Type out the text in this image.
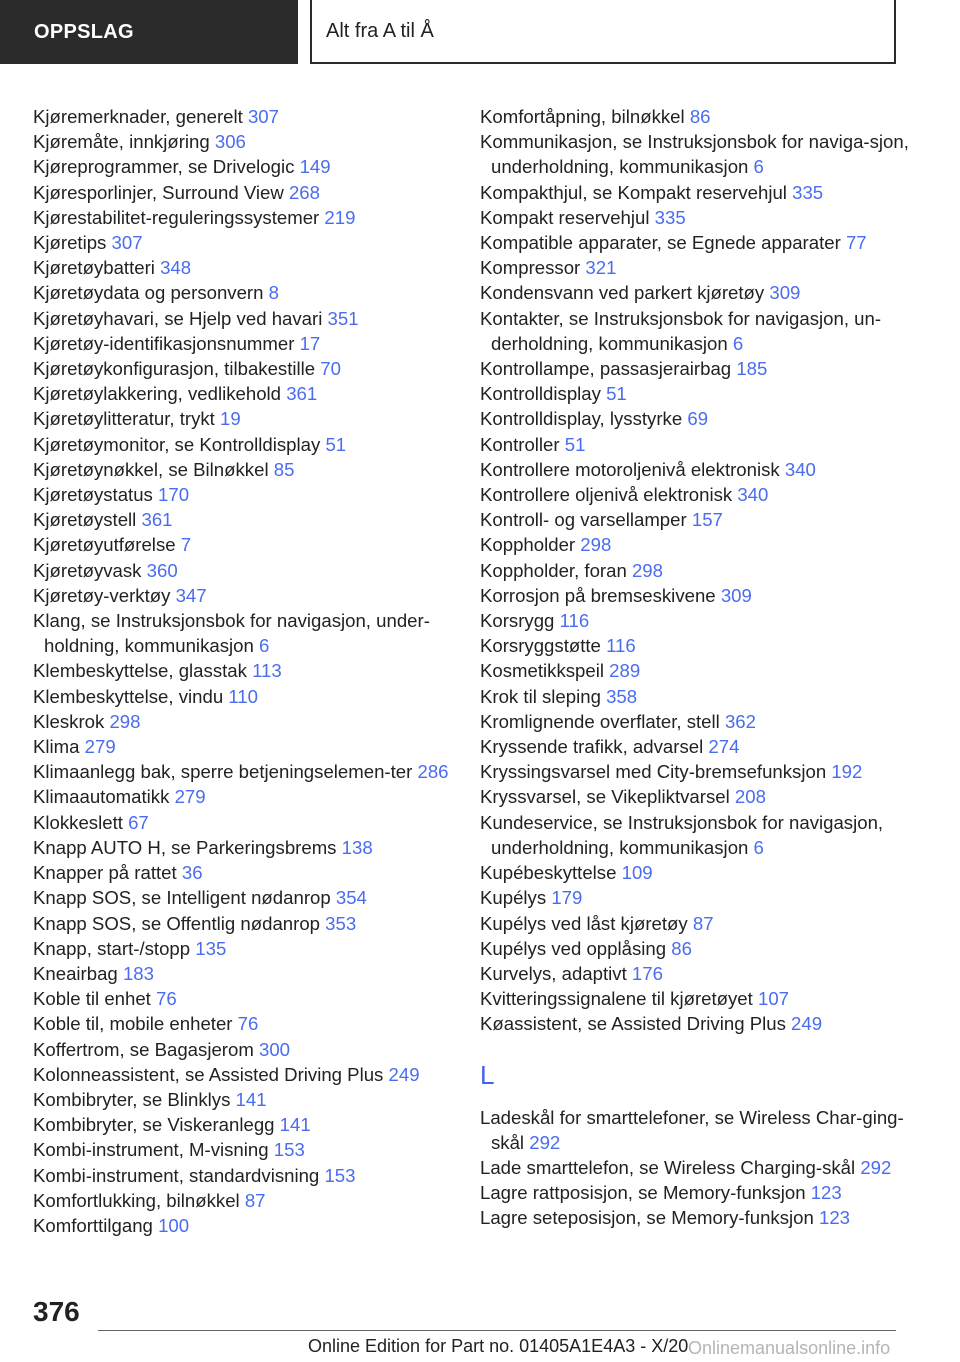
OPPSLAG	Alt fra A til Å
Kjøremerknader, generelt 307
Kjøremåte, innkjøring 306
Kjøreprogrammer, se Drivelogic 149
Kjøresporlinjer, Surround View 268
Kjørestabilitet-reguleringssystemer 219
Kjøretips 307
Kjøretøybatteri 348
Kjøretøydata og personvern 8
Kjøretøyhavari, se Hjelp ved havari 351
Kjøretøy-identifikasjonsnummer 17
Kjøretøykonfigurasjon, tilbakestille 70
Kjøretøylakkering, vedlikehold 361
Kjøretøylitteratur, trykt 19
Kjøretøymonitor, se Kontrolldisplay 51
Kjøretøynøkkel, se Bilnøkkel 85
Kjøretøystatus 170
Kjøretøystell 361
Kjøretøyutførelse 7
Kjøretøyvask 360
Kjøretøy-verktøy 347
Klang, se Instruksjonsbok for navigasjon, under-holdning, kommunikasjon 6
Klembeskyttelse, glasstak 113
Klembeskyttelse, vindu 110
Kleskrok 298
Klima 279
Klimaanlegg bak, sperre betjeningselemen-ter 286
Klimaautomatikk 279
Klokkeslett 67
Knapp AUTO H, se Parkeringsbrems 138
Knapper på rattet 36
Knapp SOS, se Intelligent nødanrop 354
Knapp SOS, se Offentlig nødanrop 353
Knapp, start-/stopp 135
Kneairbag 183
Koble til enhet 76
Koble til, mobile enheter 76
Koffertrom, se Bagasjerom 300
Kolonneassistent, se Assisted Driving Plus 249
Kombibryter, se Blinklys 141
Kombibryter, se Viskeranlegg 141
Kombi-instrument, M-visning 153
Kombi-instrument, standardvisning 153
Komfortlukking, bilnøkkel 87
Komforttilgang 100
Komfortåpning, bilnøkkel 86
Kommunikasjon, se Instruksjonsbok for naviga-sjon, underholdning, kommunikasjon 6
Kompakthjul, se Kompakt reservehjul 335
Kompakt reservehjul 335
Kompatible apparater, se Egnede apparater 77
Kompressor 321
Kondensvann ved parkert kjøretøy 309
Kontakter, se Instruksjonsbok for navigasjon, un-derholdning, kommunikasjon 6
Kontrollampe, passasjerairbag 185
Kontrolldisplay 51
Kontrolldisplay, lysstyrke 69
Kontroller 51
Kontrollere motoroljenivå elektronisk 340
Kontrollere oljenivå elektronisk 340
Kontroll- og varsellamper 157
Koppholder 298
Koppholder, foran 298
Korrosjon på bremseskivene 309
Korsrygg 116
Korsryggstøtte 116
Kosmetikkspeil 289
Krok til sleping 358
Kromlignende overflater, stell 362
Kryssende trafikk, advarsel 274
Kryssingsvarsel med City-bremsefunksjon 192
Kryssvarsel, se Vikepliktvarsel 208
Kundeservice, se Instruksjonsbok for navigasjon, underholdning, kommunikasjon 6
Kupébeskyttelse 109
Kupélys 179
Kupélys ved låst kjøretøy 87
Kupélys ved opplåsing 86
Kurvelys, adaptivt 176
Kvitteringssignalene til kjøretøyet 107
Køassistent, se Assisted Driving Plus 249
L
Ladeskål for smarttelefoner, se Wireless Char-ging-skål 292
Lade smarttelefon, se Wireless Charging-skål 292
Lagre rattposisjon, se Memory-funksjon 123
Lagre seteposisjon, se Memory-funksjon 123
376
Online Edition for Part no. 01405A1E4A3 - X/20 Onlinemanualsonline.info
